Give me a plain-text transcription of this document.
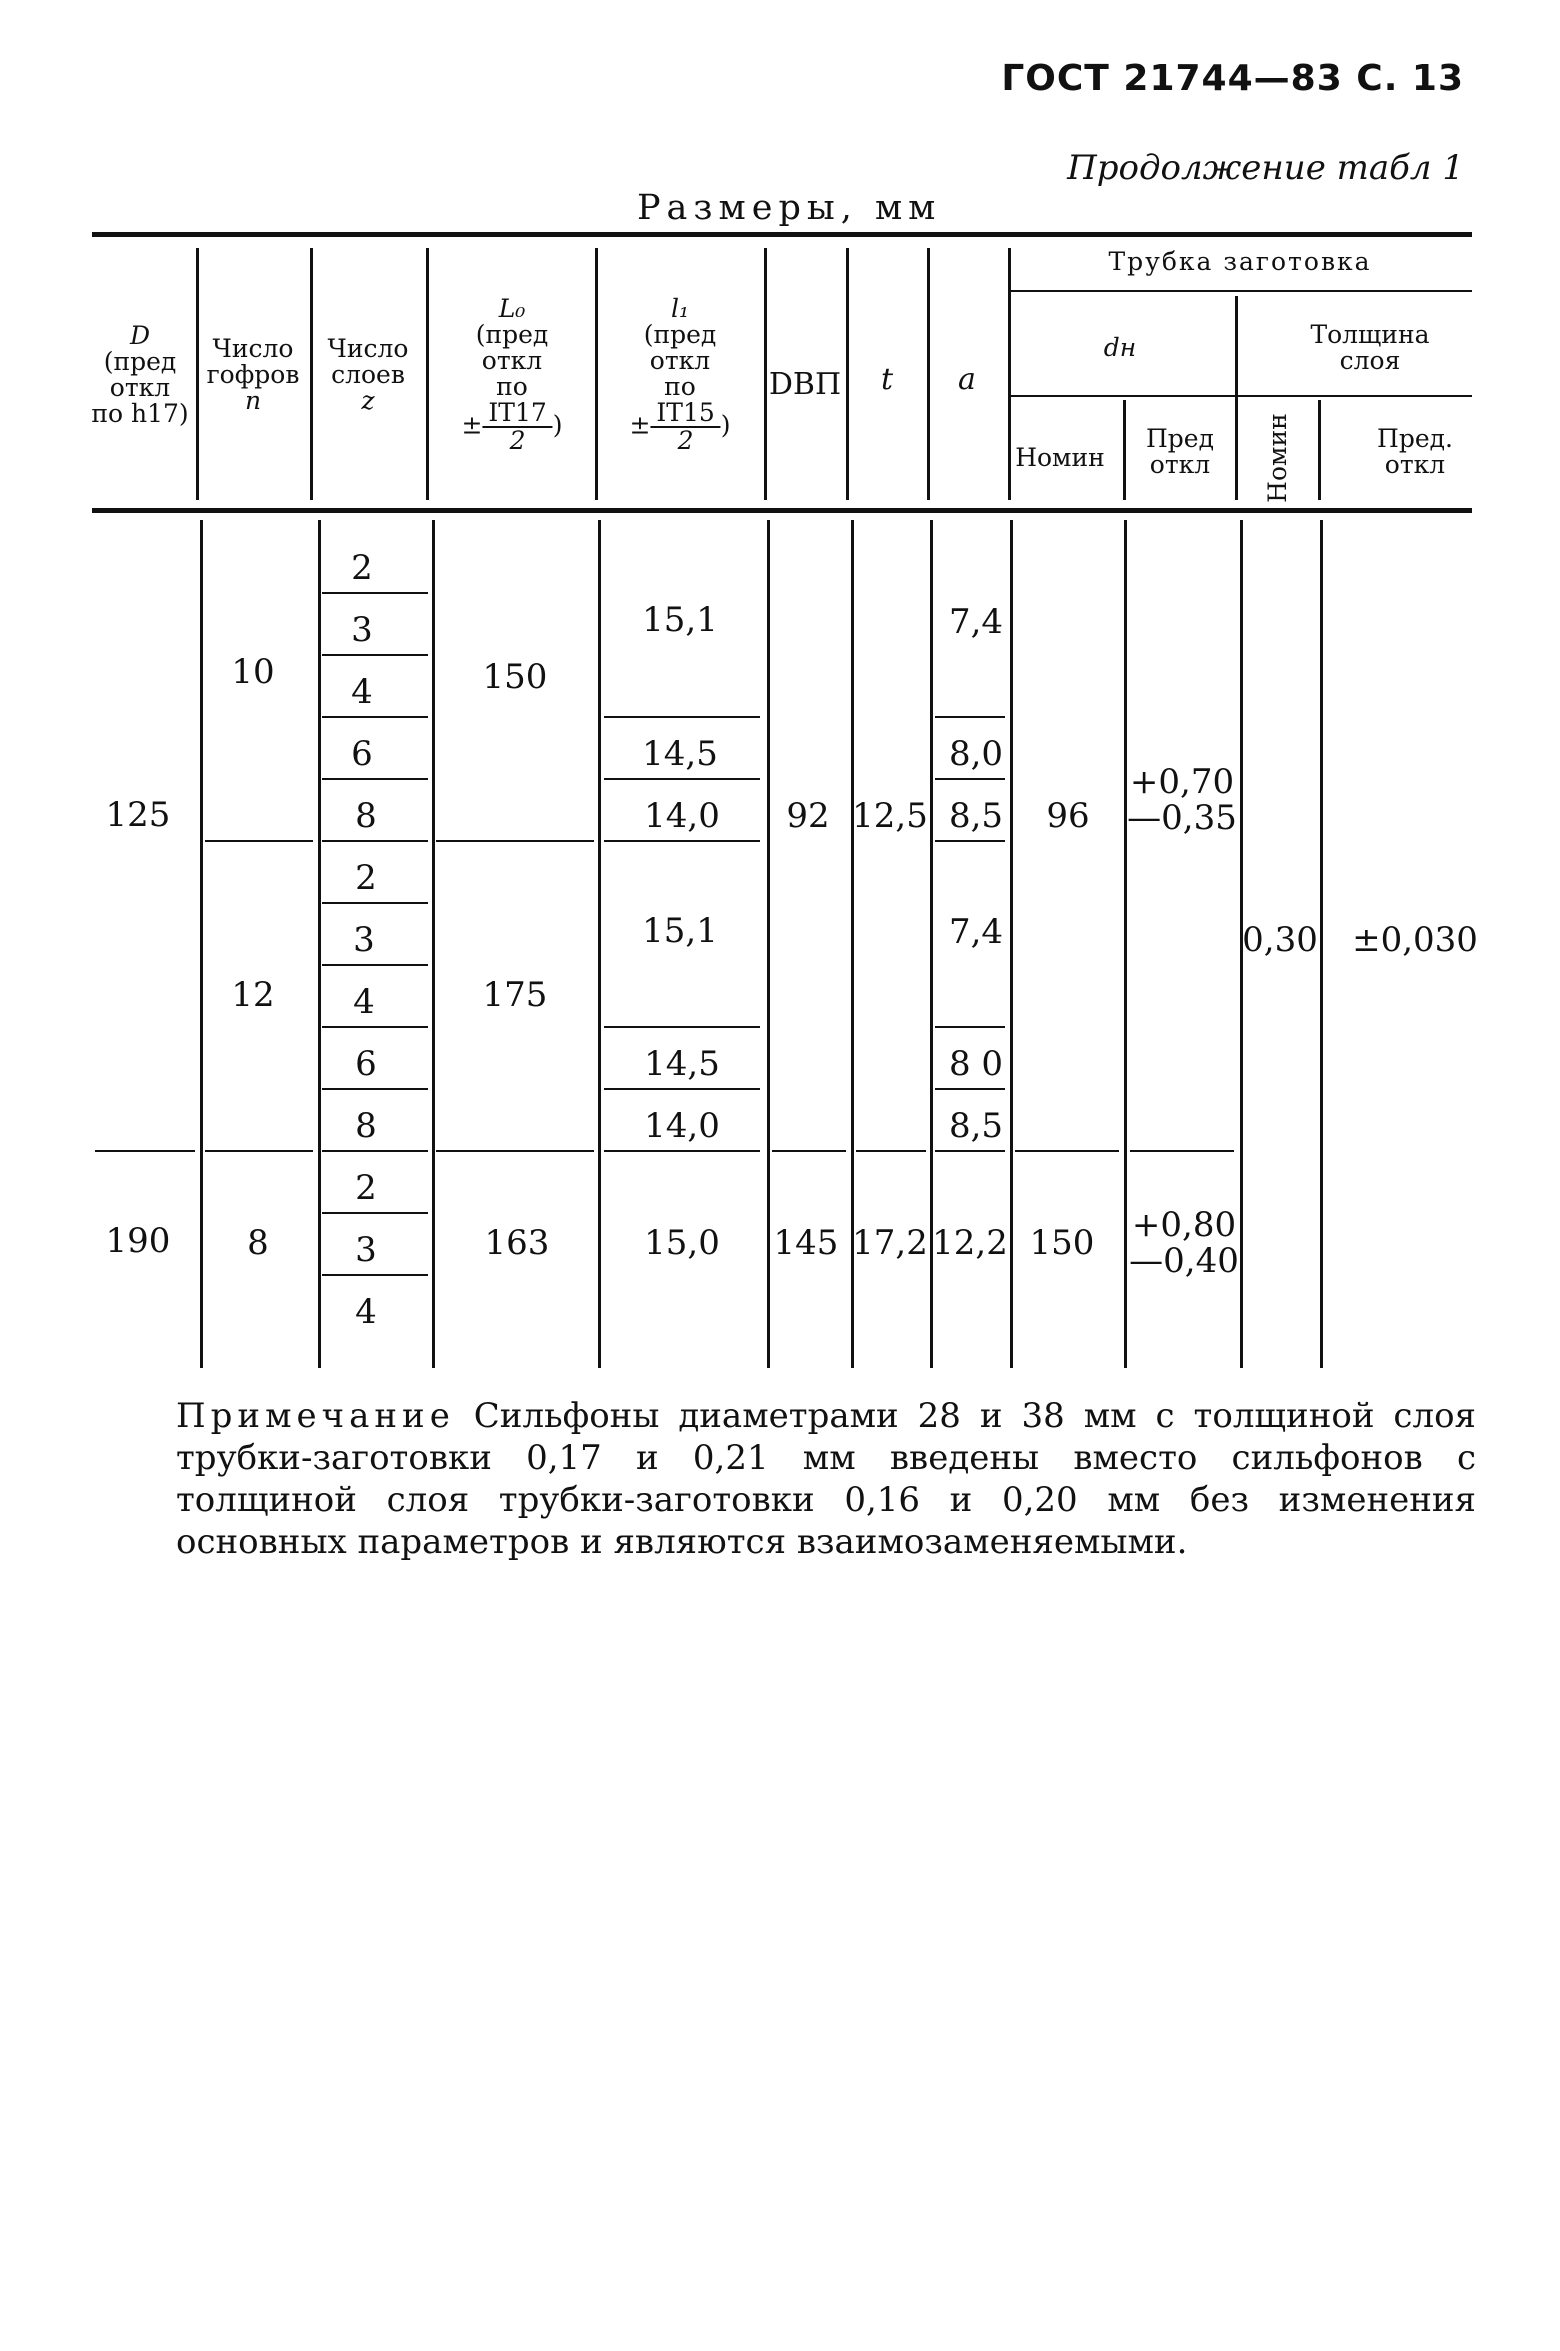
ГОСТ 21744—83 С. 13
Продолжение табл 1
Размеры, мм
D
(пред
откл
по h17)
Число
гофров
n
Число
слоев
z
L₀
(пред
откл
по
± $\frac{IT17}{2}$ )
l₁
(пред
откл
по
± $\frac{IT15}{2}$ )
DВП t a
Трубка заготовка
dн	Толщина
слоя
Номин
Пред
откл Номин	Пред.
откл
125
190
10
12
8
2
3
4
6
8
2
3
4
6
8
2
3
4
150
175
163
15,1
14,5
14,0
15,1
14,5
14,0
15,0
92
145
12,5
17,2
7,4
8,0
8,5
7,4
8 0
8,5
12,2
96
150
+0,70
—0,35
+0,80
—0,40
0,30 ±0,030
Примечание Сильфоны диаметрами 28 и 38 мм с толщиной слоя трубки-заготовки 0,17 и 0,21 мм введены вместо сильфонов с толщиной слоя трубки-заготовки 0,16 и 0,20 мм без изменения основных параметров и являются взаимозаменяемыми.
